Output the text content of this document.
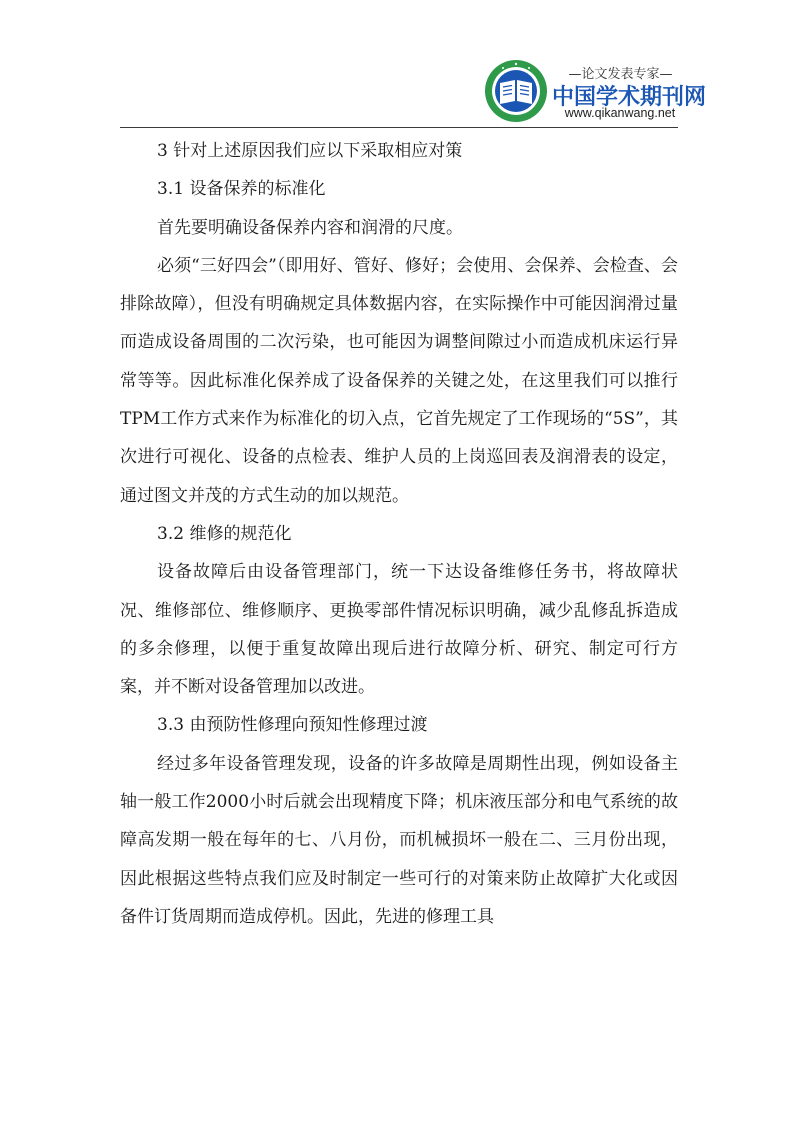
—论文发表专家—
中国学术期刊网
www.qikanwang.net

3 针对上述原因我们应以下采取相应对策

3.1 设备保养的标准化

首先要明确设备保养内容和润滑的尺度。

必须“三好四会”（即用好、管好、修好；会使用、会保养、会检查、会排除故障），但没有明确规定具体数据内容，在实际操作中可能因润滑过量而造成设备周围的二次污染，也可能因为调整间隙过小而造成机床运行异常等等。因此标准化保养成了设备保养的关键之处，在这里我们可以推行TPM工作方式来作为标准化的切入点，它首先规定了工作现场的“5S”，其次进行可视化、设备的点检表、维护人员的上岗巡回表及润滑表的设定，通过图文并茂的方式生动的加以规范。

3.2 维修的规范化

设备故障后由设备管理部门，统一下达设备维修任务书，将故障状况、维修部位、维修顺序、更换零部件情况标识明确，减少乱修乱拆造成的多余修理，以便于重复故障出现后进行故障分析、研究、制定可行方案，并不断对设备管理加以改进。

3.3 由预防性修理向预知性修理过渡

经过多年设备管理发现，设备的许多故障是周期性出现，例如设备主轴一般工作2000小时后就会出现精度下降；机床液压部分和电气系统的故障高发期一般在每年的七、八月份，而机械损坏一般在二、三月份出现，因此根据这些特点我们应及时制定一些可行的对策来防止故障扩大化或因备件订货周期而造成停机。因此，先进的修理工具
